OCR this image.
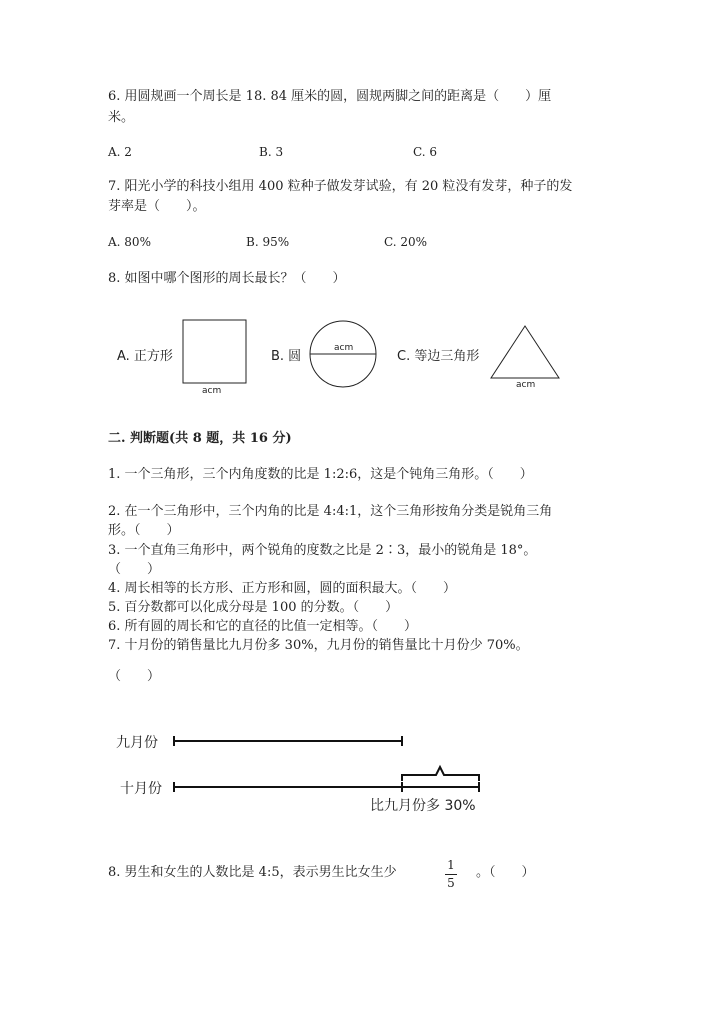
6. 用圆规画一个周长是 18. 84 厘米的圆，圆规两脚之间的距离是（　　）厘
米。
A. 2	B. 3	C. 6
7. 阳光小学的科技小组用 400 粒种子做发芽试验，有 20 粒没有发芽，种子的发
芽率是（　　）。
A. 80%	B. 95%	C. 20%
8. 如图中哪个图形的周长最长？（　　）
A. 正方形
acm
B. 圆
acm
C. 等边三角形
acm
二. 判断题(共 8 题，共 16 分)
1. 一个三角形，三个内角度数的比是 1:2:6，这是个钝角三角形。（　　）
2. 在一个三角形中，三个内角的比是 4:4:1，这个三角形按角分类是锐角三角
形。（　　）
3. 一个直角三角形中，两个锐角的度数之比是 2∶3，最小的锐角是 18°。
（　　）
4. 周长相等的长方形、正方形和圆，圆的面积最大。（　　）
5. 百分数都可以化成分母是 100 的分数。（　　）
6. 所有圆的周长和它的直径的比值一定相等。（　　）
7. 十月份的销售量比九月份多 30%，九月份的销售量比十月份少 70%。
（　　）
九月份
十月份
比九月份多 30%
8. 男生和女生的人数比是 4:5，表示男生比女生少	1
5
。（　　）
